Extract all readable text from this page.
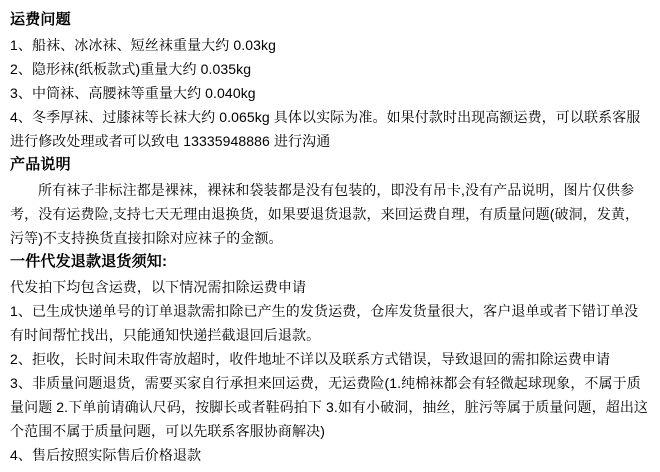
运费问题
1、船袜、冰冰袜、短丝袜重量大约 0.03kg
2、隐形袜(纸板款式)重量大约 0.035kg
3、中筒袜、高腰袜等重量大约 0.040kg
4、冬季厚袜、过膝袜等长袜大约 0.065kg 具体以实际为准。如果付款时出现高额运费，可以联系客服进行修改处理或者可以致电 13335948886 进行沟通
产品说明
所有袜子非标注都是裸袜，裸袜和袋装都是没有包装的，即没有吊卡,没有产品说明，图片仅供参考，没有运费险,支持七天无理由退换货，如果要退货退款，来回运费自理，有质量问题(破洞，发黄，污等)不支持换货直接扣除对应袜子的金额。
一件代发退款退货须知:
代发拍下均包含运费，以下情况需扣除运费申请
1、已生成快递单号的订单退款需扣除已产生的发货运费，仓库发货量很大，客户退单或者下错订单没有时间帮忙找出，只能通知快递拦截退回后退款。
2、拒收，长时间未取件寄放超时，收件地址不详以及联系方式错误，导致退回的需扣除运费申请
3、非质量问题退货，需要买家自行承担来回运费，无运费险(1.纯棉袜都会有轻微起球现象，不属于质量问题 2.下单前请确认尺码，按脚长或者鞋码拍下 3.如有小破洞，抽丝，脏污等属于质量问题，超出这个范围不属于质量问题，可以先联系客服协商解决)
4、售后按照实际售后价格退款
